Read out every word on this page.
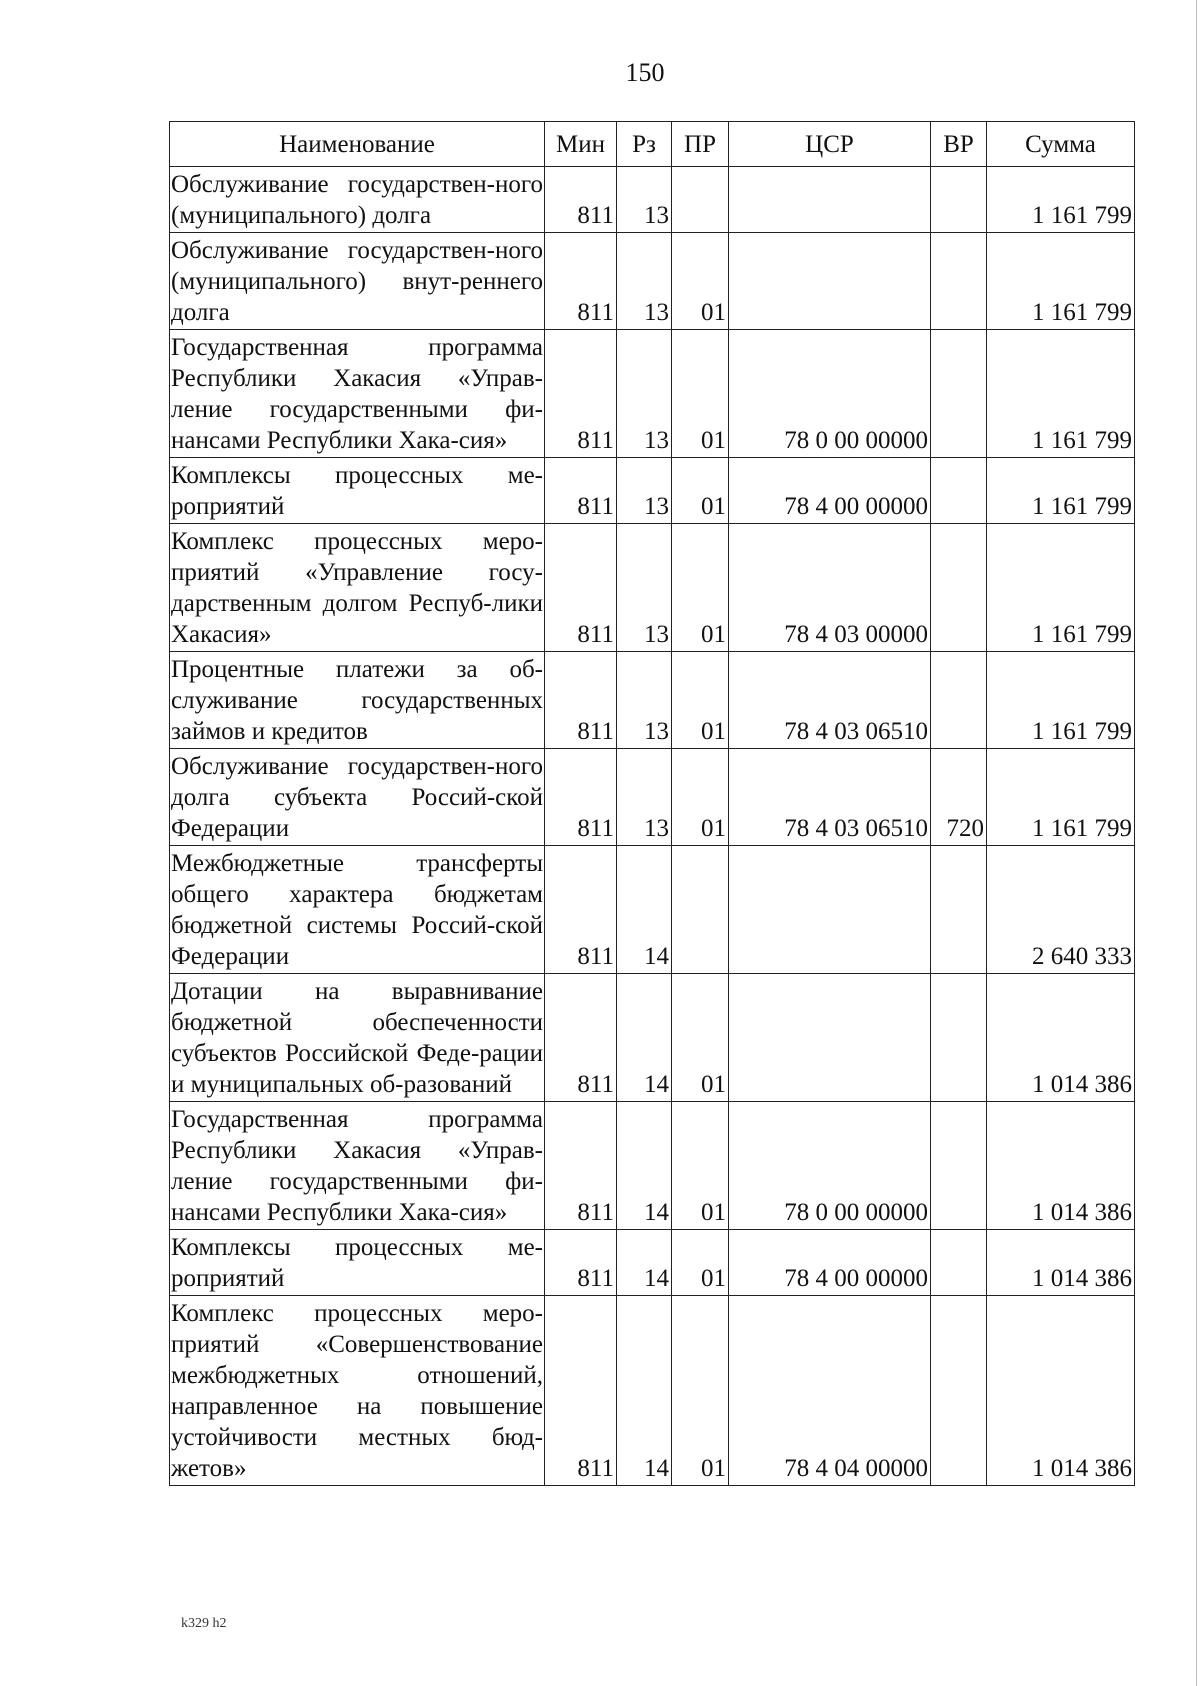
150
Наименование	Мин	Рз	ПР	ЦСР	ВР	Сумма

Обслуживание государствен-ного (муниципального) долга	811	13				1 161 799

Обслуживание государствен-ного (муниципального) внут-реннего долга	811	13	01			1 161 799

Государственная программа Республики Хакасия «Управ-ление государственными фи-нансами Республики Хака-сия»	811	13	01	78 0 00 00000		1 161 799

Комплексы процессных ме-роприятий	811	13	01	78 4 00 00000		1 161 799

Комплекс процессных меро-приятий «Управление госу-дарственным долгом Респуб-лики Хакасия»	811	13	01	78 4 03 00000		1 161 799

Процентные платежи за об-служивание государственных займов и кредитов	811	13	01	78 4 03 06510		1 161 799

Обслуживание государствен-ного долга субъекта Россий-ской Федерации	811	13	01	78 4 03 06510	720	1 161 799

Межбюджетные трансферты общего характера бюджетам бюджетной системы Россий-ской Федерации	811	14				2 640 333

Дотации на выравнивание бюджетной обеспеченности субъектов Российской Феде-рации и муниципальных об-разований	811	14	01			1 014 386

Государственная программа Республики Хакасия «Управ-ление государственными фи-нансами Республики Хака-сия»	811	14	01	78 0 00 00000		1 014 386

Комплексы процессных ме-роприятий	811	14	01	78 4 00 00000		1 014 386

Комплекс процессных меро-приятий «Совершенствование межбюджетных отношений, направленное на повышение устойчивости местных бюд-жетов»	811	14	01	78 4 04 00000		1 014 386
k329 h2
